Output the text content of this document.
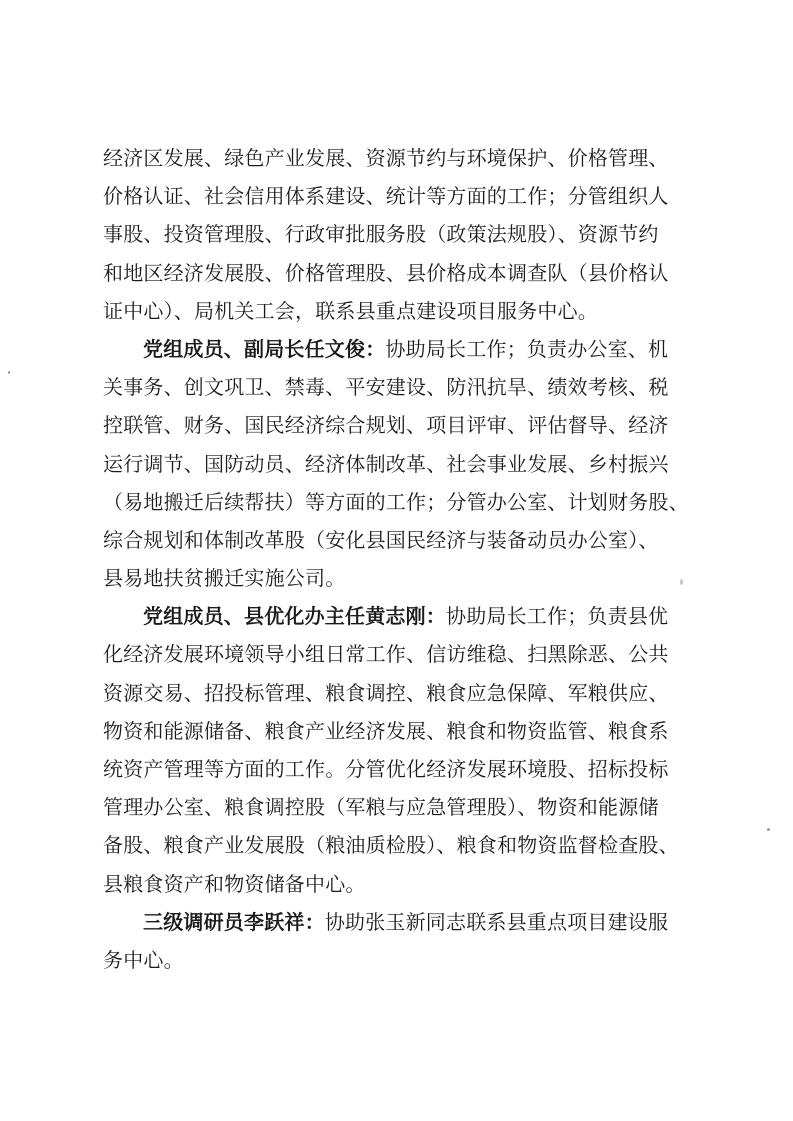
经济区发展、绿色产业发展、资源节约与环境保护、价格管理、
价格认证、社会信用体系建设、统计等方面的工作；分管组织人
事股、投资管理股、行政审批服务股（政策法规股）、资源节约
和地区经济发展股、价格管理股、县价格成本调查队（县价格认
证中心）、局机关工会，联系县重点建设项目服务中心。
党组成员、副局长任文俊：协助局长工作；负责办公室、机
关事务、创文巩卫、禁毒、平安建设、防汛抗旱、绩效考核、税
控联管、财务、国民经济综合规划、项目评审、评估督导、经济
运行调节、国防动员、经济体制改革、社会事业发展、乡村振兴
（易地搬迁后续帮扶）等方面的工作；分管办公室、计划财务股、
综合规划和体制改革股（安化县国民经济与装备动员办公室）、
县易地扶贫搬迁实施公司。
党组成员、县优化办主任黄志刚：协助局长工作；负责县优
化经济发展环境领导小组日常工作、信访维稳、扫黑除恶、公共
资源交易、招投标管理、粮食调控、粮食应急保障、军粮供应、
物资和能源储备、粮食产业经济发展、粮食和物资监管、粮食系
统资产管理等方面的工作。分管优化经济发展环境股、招标投标
管理办公室、粮食调控股（军粮与应急管理股）、物资和能源储
备股、粮食产业发展股（粮油质检股）、粮食和物资监督检查股、
县粮食资产和物资储备中心。
三级调研员李跃祥：协助张玉新同志联系县重点项目建设服
务中心。
